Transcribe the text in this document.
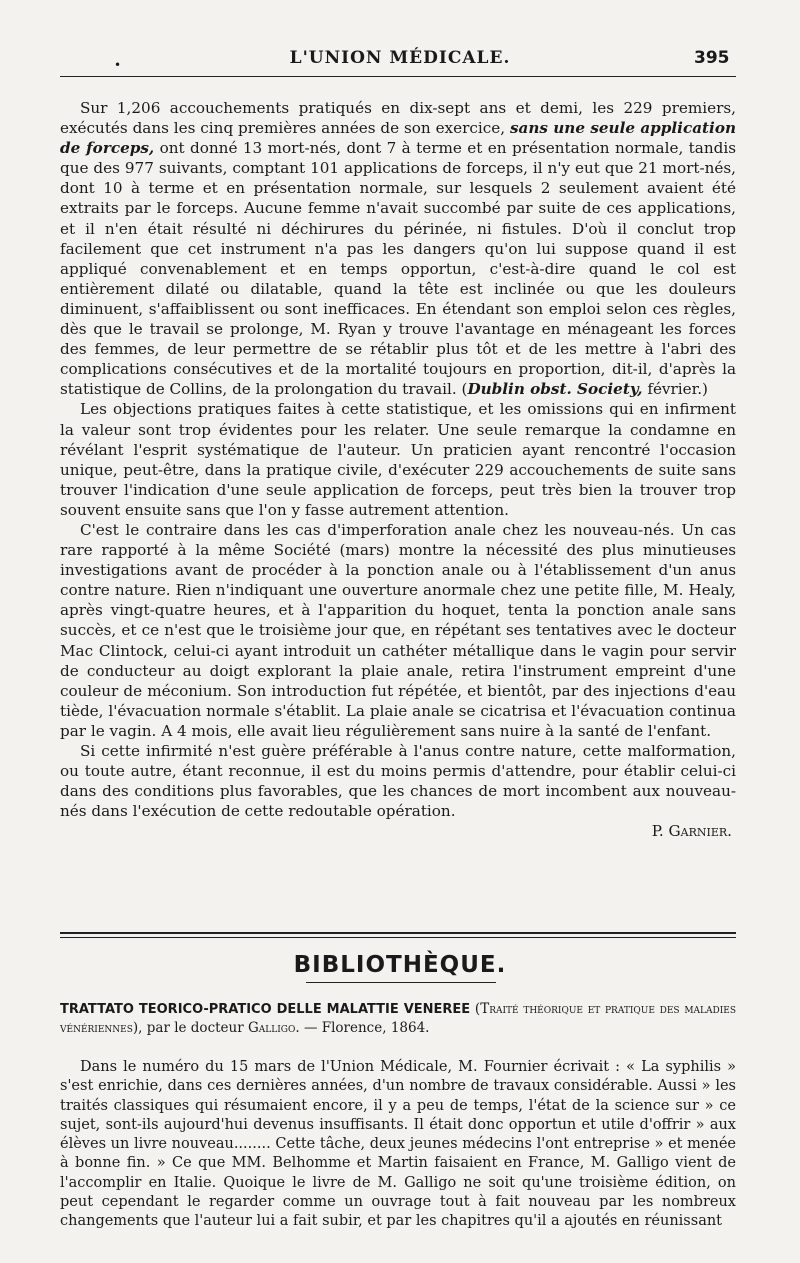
•	L'UNION MÉDICALE.	395

Sur 1,206 accouchements pratiqués en dix-sept ans et demi, les 229 premiers, exécutés dans les cinq premières années de son exercice, sans une seule application de forceps, ont donné 13 mort-nés, dont 7 à terme et en présentation normale, tandis que des 977 suivants, comptant 101 applications de forceps, il n'y eut que 21 mort-nés, dont 10 à terme et en présentation normale, sur lesquels 2 seulement avaient été extraits par le forceps. Aucune femme n'avait succombé par suite de ces applications, et il n'en était résulté ni déchirures du périnée, ni fistules. D'où il conclut trop facilement que cet instrument n'a pas les dangers qu'on lui suppose quand il est appliqué convenablement et en temps opportun, c'est-à-dire quand le col est entièrement dilaté ou dilatable, quand la tête est inclinée ou que les douleurs diminuent, s'affaiblissent ou sont inefficaces. En étendant son emploi selon ces règles, dès que le travail se prolonge, M. Ryan y trouve l'avantage en ménageant les forces des femmes, de leur permettre de se rétablir plus tôt et de les mettre à l'abri des complications consécutives et de la mortalité toujours en proportion, dit-il, d'après la statistique de Collins, de la prolongation du travail. (Dublin obst. Society, février.)

Les objections pratiques faites à cette statistique, et les omissions qui en infirment la valeur sont trop évidentes pour les relater. Une seule remarque la condamne en révélant l'esprit systématique de l'auteur. Un praticien ayant rencontré l'occasion unique, peut-être, dans la pratique civile, d'exécuter 229 accouchements de suite sans trouver l'indication d'une seule application de forceps, peut très bien la trouver trop souvent ensuite sans que l'on y fasse autrement attention.

C'est le contraire dans les cas d'imperforation anale chez les nouveau-nés. Un cas rare rapporté à la même Société (mars) montre la nécessité des plus minutieuses investigations avant de procéder à la ponction anale ou à l'établissement d'un anus contre nature. Rien n'indiquant une ouverture anormale chez une petite fille, M. Healy, après vingt-quatre heures, et à l'apparition du hoquet, tenta la ponction anale sans succès, et ce n'est que le troisième jour que, en répétant ses tentatives avec le docteur Mac Clintock, celui-ci ayant introduit un cathéter métallique dans le vagin pour servir de conducteur au doigt explorant la plaie anale, retira l'instrument empreint d'une couleur de méconium. Son introduction fut répétée, et bientôt, par des injections d'eau tiède, l'évacuation normale s'établit. La plaie anale se cicatrisa et l'évacuation continua par le vagin. A 4 mois, elle avait lieu régulièrement sans nuire à la santé de l'enfant.

Si cette infirmité n'est guère préférable à l'anus contre nature, cette malformation, ou toute autre, étant reconnue, il est du moins permis d'attendre, pour établir celui-ci dans des conditions plus favorables, que les chances de mort incombent aux nouveau-nés dans l'exécution de cette redoutable opération.

P. Garnier.
BIBLIOTHÈQUE.
TRATTATO TEORICO-PRATICO DELLE MALATTIE VENEREE (Traité théorique et pratique des maladies vénériennes), par le docteur Galligo. — Florence, 1864.

Dans le numéro du 15 mars de l'Union Médicale, M. Fournier écrivait : « La syphilis » s'est enrichie, dans ces dernières années, d'un nombre de travaux considérable. Aussi » les traités classiques qui résumaient encore, il y a peu de temps, l'état de la science sur » ce sujet, sont-ils aujourd'hui devenus insuffisants. Il était donc opportun et utile d'offrir » aux élèves un livre nouveau........ Cette tâche, deux jeunes médecins l'ont entreprise » et menée à bonne fin. » Ce que MM. Belhomme et Martin faisaient en France, M. Galligo vient de l'accomplir en Italie. Quoique le livre de M. Galligo ne soit qu'une troisième édition, on peut cependant le regarder comme un ouvrage tout à fait nouveau par les nombreux changements que l'auteur lui a fait subir, et par les chapitres qu'il a ajoutés en réunissant
